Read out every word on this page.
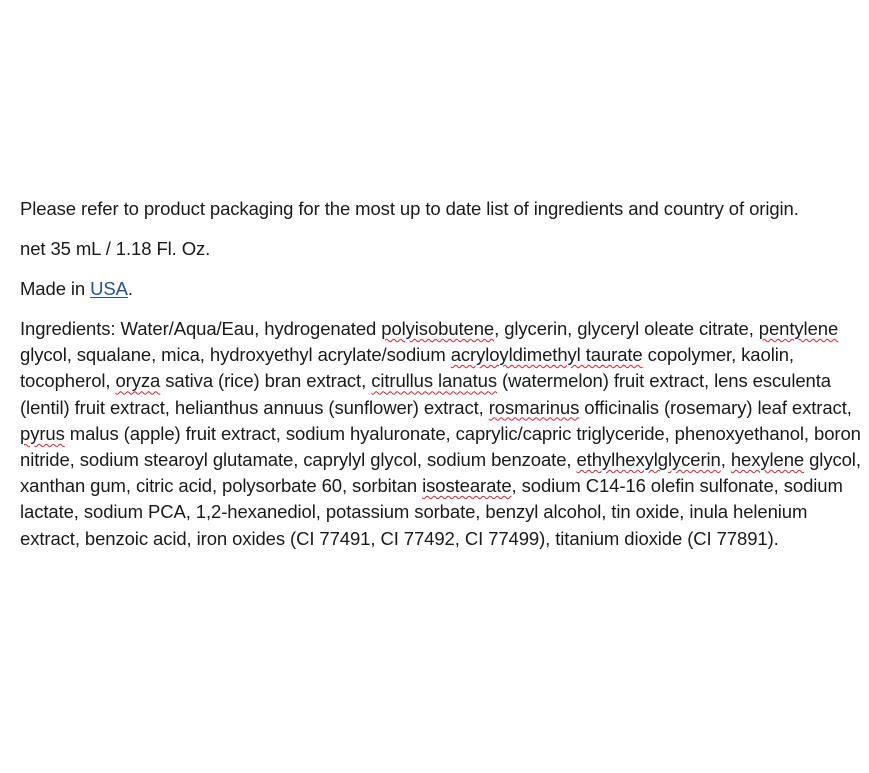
Please refer to product packaging for the most up to date list of ingredients and country of origin.

net 35 mL / 1.18 Fl. Oz.

Made in USA.

Ingredients: Water/Aqua/Eau, hydrogenated polyisobutene, glycerin, glyceryl oleate citrate, pentylene glycol, squalane, mica, hydroxyethyl acrylate/sodium acryloyldimethyl taurate copolymer, kaolin, tocopherol, oryza sativa (rice) bran extract, citrullus lanatus (watermelon) fruit extract, lens esculenta (lentil) fruit extract, helianthus annuus (sunflower) extract, rosmarinus officinalis (rosemary) leaf extract, pyrus malus (apple) fruit extract, sodium hyaluronate, caprylic/capric triglyceride, phenoxyethanol, boron nitride, sodium stearoyl glutamate, caprylyl glycol, sodium benzoate, ethylhexylglycerin, hexylene glycol, xanthan gum, citric acid, polysorbate 60, sorbitan isostearate, sodium C14-16 olefin sulfonate, sodium lactate, sodium PCA, 1,2-hexanediol, potassium sorbate, benzyl alcohol, tin oxide, inula helenium extract, benzoic acid, iron oxides (CI 77491, CI 77492, CI 77499), titanium dioxide (CI 77891).
